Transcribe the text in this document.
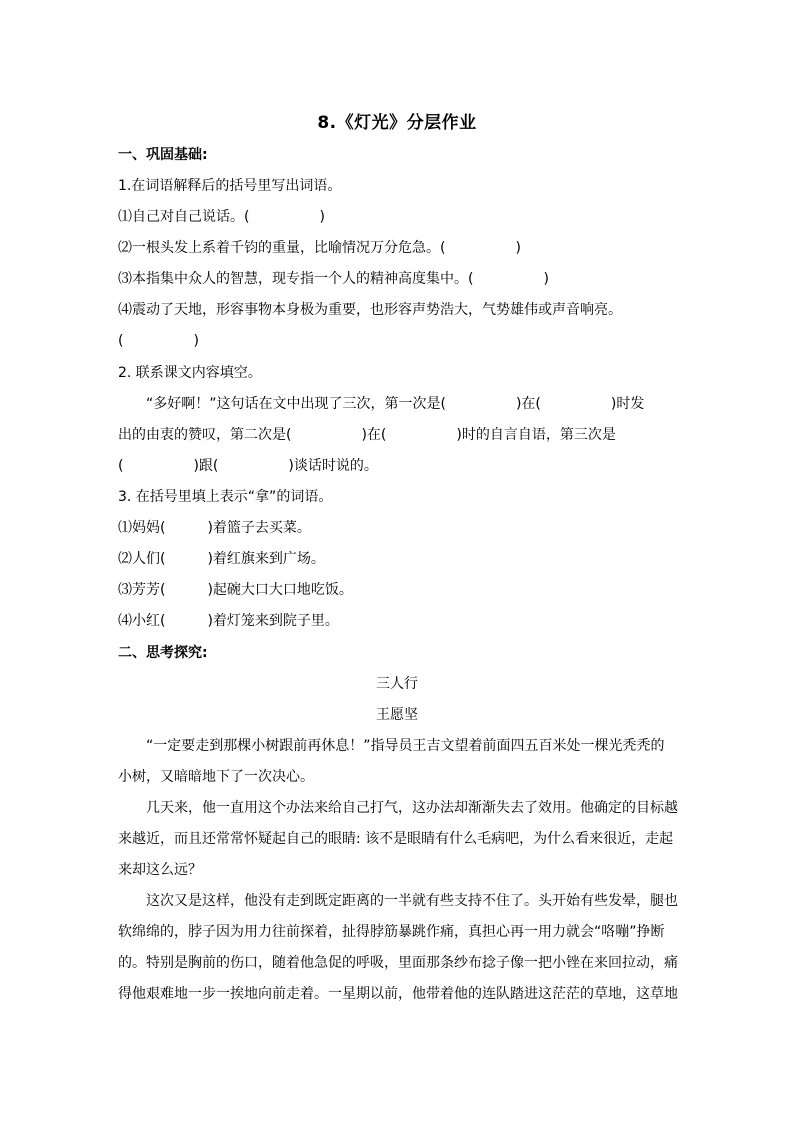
8.《灯光》分层作业
一、巩固基础:
1.在词语解释后的括号里写出词语。
⑴自己对自己说话。(　　　　　)
⑵一根头发上系着千钧的重量，比喻情况万分危急。(　　　　　)
⑶本指集中众人的智慧，现专指一个人的精神高度集中。(　　　　　)
⑷震动了天地，形容事物本身极为重要，也形容声势浩大，气势雄伟或声音响亮。
(　　　　　)
2. 联系课文内容填空。
“多好啊！”这句话在文中出现了三次，第一次是(　　　　　)在(　　　　　)时发
出的由衷的赞叹，第二次是(　　　　　)在(　　　　　)时的自言自语，第三次是
(　　　　　)跟(　　　　　)谈话时说的。
3. 在括号里填上表示“拿”的词语。
⑴妈妈(　　　)着篮子去买菜。
⑵人们(　　　)着红旗来到广场。
⑶芳芳(　　　)起碗大口大口地吃饭。
⑷小红(　　　)着灯笼来到院子里。
二、思考探究:
三人行
王愿坚
“一定要走到那棵小树跟前再休息！”指导员王吉文望着前面四五百米处一棵光秃秃的
小树，又暗暗地下了一次决心。
几天来，他一直用这个办法来给自己打气，这办法却渐渐失去了效用。他确定的目标越
来越近，而且还常常怀疑起自己的眼睛: 该不是眼睛有什么毛病吧，为什么看来很近，走起
来却这么远？
这次又是这样，他没有走到既定距离的一半就有些支持不住了。头开始有些发晕，腿也
软绵绵的，脖子因为用力往前探着，扯得脖筋暴跳作痛，真担心再一用力就会“咯嘣”挣断
的。特别是胸前的伤口，随着他急促的呼吸，里面那条纱布捻子像一把小锉在来回拉动，痛
得他艰难地一步一挨地向前走着。一星期以前，他带着他的连队踏进这茫茫的草地，这草地
